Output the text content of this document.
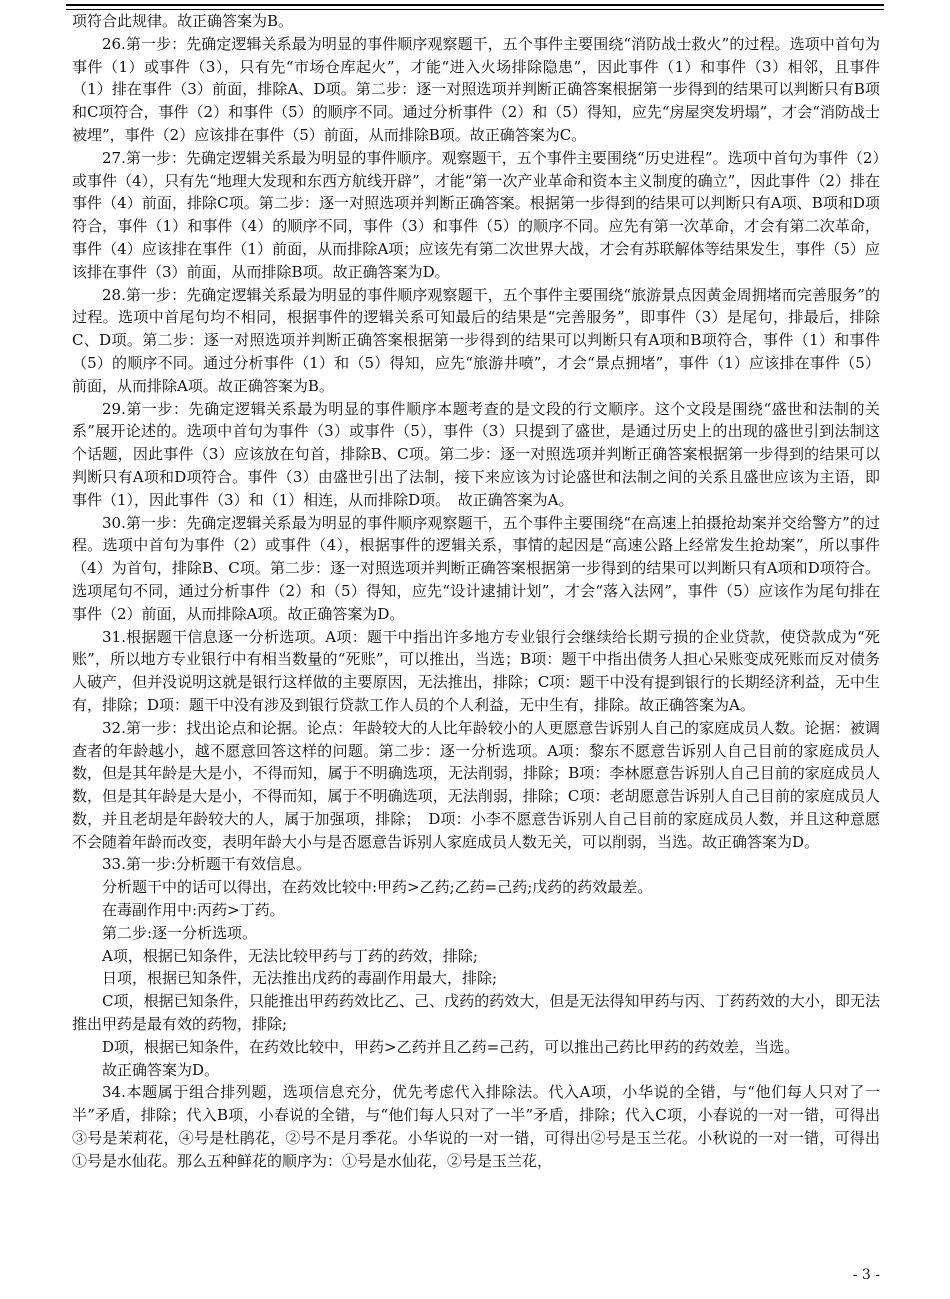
项符合此规律。故正确答案为B。

26.第一步：先确定逻辑关系最为明显的事件顺序观察题干，五个事件主要围绕“消防战士救火”的过程。选项中首句为事件（1）或事件（3），只有先“市场仓库起火”，才能“进入火场排除隐患”，因此事件（1）和事件（3）相邻，且事件（1）排在事件（3）前面，排除A、D项。第二步：逐一对照选项并判断正确答案根据第一步得到的结果可以判断只有B项和C项符合，事件（2）和事件（5）的顺序不同。通过分析事件（2）和（5）得知，应先“房屋突发坍塌”，才会“消防战士被埋”，事件（2）应该排在事件（5）前面，从而排除B项。故正确答案为C。

27.第一步：先确定逻辑关系最为明显的事件顺序。观察题干，五个事件主要围绕“历史进程”。选项中首句为事件（2）或事件（4），只有先“地理大发现和东西方航线开辟”，才能“第一次产业革命和资本主义制度的确立”，因此事件（2）排在事件（4）前面，排除C项。第二步：逐一对照选项并判断正确答案。根据第一步得到的结果可以判断只有A项、B项和D项符合，事件（1）和事件（4）的顺序不同，事件（3）和事件（5）的顺序不同。应先有第一次革命，才会有第二次革命，事件（4）应该排在事件（1）前面，从而排除A项；应该先有第二次世界大战，才会有苏联解体等结果发生，事件（5）应该排在事件（3）前面，从而排除B项。故正确答案为D。

28.第一步：先确定逻辑关系最为明显的事件顺序观察题干，五个事件主要围绕“旅游景点因黄金周拥堵而完善服务”的过程。选项中首尾句均不相同，根据事件的逻辑关系可知最后的结果是“完善服务”，即事件（3）是尾句，排最后，排除C、D项。第二步：逐一对照选项并判断正确答案根据第一步得到的结果可以判断只有A项和B项符合，事件（1）和事件（5）的顺序不同。通过分析事件（1）和（5）得知，应先“旅游井喷”，才会“景点拥堵”，事件（1）应该排在事件（5）前面，从而排除A项。故正确答案为B。

29.第一步：先确定逻辑关系最为明显的事件顺序本题考查的是文段的行文顺序。这个文段是围绕“盛世和法制的关系”展开论述的。选项中首句为事件（3）或事件（5），事件（3）只提到了盛世，是通过历史上的出现的盛世引到法制这个话题，因此事件（3）应该放在句首，排除B、C项。第二步：逐一对照选项并判断正确答案根据第一步得到的结果可以判断只有A项和D项符合。事件（3）由盛世引出了法制，接下来应该为讨论盛世和法制之间的关系且盛世应该为主语，即事件（1），因此事件（3）和（1）相连，从而排除D项。　故正确答案为A。

30.第一步：先确定逻辑关系最为明显的事件顺序观察题干，五个事件主要围绕“在高速上拍摄抢劫案并交给警方”的过程。选项中首句为事件（2）或事件（4），根据事件的逻辑关系，事情的起因是“高速公路上经常发生抢劫案”，所以事件（4）为首句，排除B、C项。第二步：逐一对照选项并判断正确答案根据第一步得到的结果可以判断只有A项和D项符合。选项尾句不同，通过分析事件（2）和（5）得知，应先“设计逮捕计划”，才会“落入法网”，事件（5）应该作为尾句排在事件（2）前面，从而排除A项。故正确答案为D。

31.根据题干信息逐一分析选项。A项：题干中指出许多地方专业银行会继续给长期亏损的企业贷款，使贷款成为“死账”，所以地方专业银行中有相当数量的“死账”，可以推出，当选；B项：题干中指出债务人担心呆账变成死账而反对债务人破产，但并没说明这就是银行这样做的主要原因，无法推出，排除；C项：题干中没有提到银行的长期经济利益，无中生有，排除；D项：题干中没有涉及到银行贷款工作人员的个人利益，无中生有，排除。故正确答案为A。

32.第一步：找出论点和论据。论点：年龄较大的人比年龄较小的人更愿意告诉别人自己的家庭成员人数。论据：被调查者的年龄越小，越不愿意回答这样的问题。第二步：逐一分析选项。A项：黎东不愿意告诉别人自己目前的家庭成员人数，但是其年龄是大是小，不得而知，属于不明确选项，无法削弱，排除；B项：李林愿意告诉别人自己目前的家庭成员人数，但是其年龄是大是小，不得而知，属于不明确选项，无法削弱，排除；C项：老胡愿意告诉别人自己目前的家庭成员人数，并且老胡是年龄较大的人，属于加强项，排除；　D项：小李不愿意告诉别人自己目前的家庭成员人数，并且这种意愿不会随着年龄而改变，表明年龄大小与是否愿意告诉别人家庭成员人数无关，可以削弱，当选。故正确答案为D。

33.第一步:分析题干有效信息。

分析题干中的话可以得出，在药效比较中:甲药>乙药;乙药=己药;戊药的药效最差。

在毒副作用中:丙药>丁药。

第二步:逐一分析选项。

A项，根据已知条件，无法比较甲药与丁药的药效，排除;

日项，根据已知条件，无法推出戊药的毒副作用最大，排除;

C项，根据已知条件，只能推出甲药药效比乙、己、戊药的药效大，但是无法得知甲药与丙、丁药药效的大小，即无法推出甲药是最有效的药物，排除;

D项，根据已知条件，在药效比较中，甲药>乙药并且乙药=己药，可以推出己药比甲药的药效差，当选。

故正确答案为D。

34.本题属于组合排列题，选项信息充分，优先考虑代入排除法。代入A项，小华说的全错，与“他们每人只对了一半”矛盾，排除；代入B项，小春说的全错，与“他们每人只对了一半”矛盾，排除；代入C项，小春说的一对一错，可得出③号是茉莉花，④号是杜鹃花，②号不是月季花。小华说的一对一错，可得出②号是玉兰花。小秋说的一对一错，可得出①号是水仙花。那么五种鲜花的顺序为：①号是水仙花，②号是玉兰花，

- 3 -
